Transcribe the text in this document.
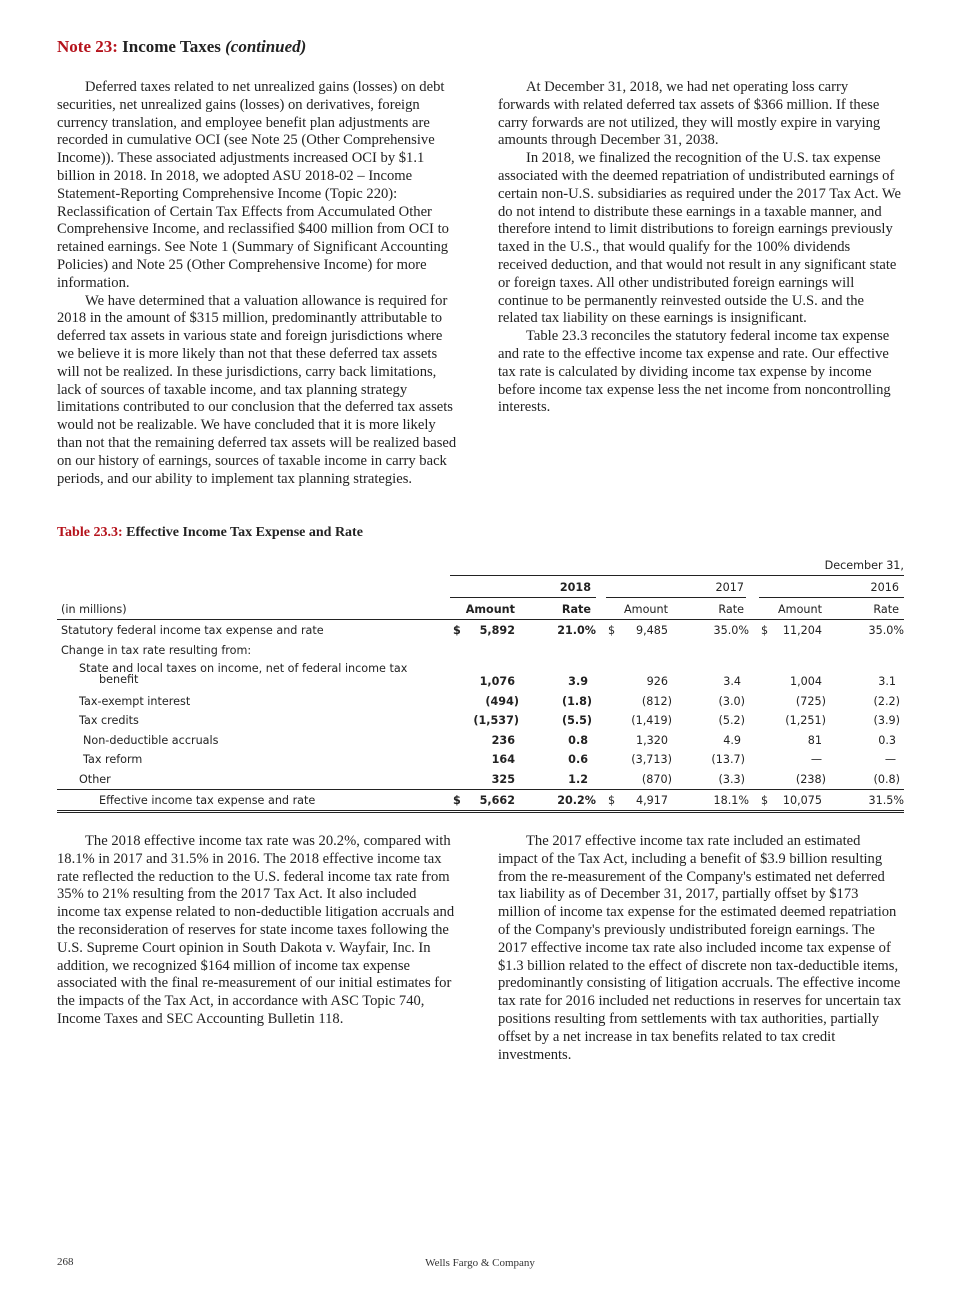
Note 23: Income Taxes (continued)

Deferred taxes related to net unrealized gains (losses) on debt securities, net unrealized gains (losses) on derivatives, foreign currency translation, and employee benefit plan adjustments are recorded in cumulative OCI (see Note 25 (Other Comprehensive Income)). These associated adjustments increased OCI by $1.1 billion in 2018. In 2018, we adopted ASU 2018-02 – Income Statement-Reporting Comprehensive Income (Topic 220): Reclassification of Certain Tax Effects from Accumulated Other Comprehensive Income, and reclassified $400 million from OCI to retained earnings. See Note 1 (Summary of Significant Accounting Policies) and Note 25 (Other Comprehensive Income) for more information.

We have determined that a valuation allowance is required for 2018 in the amount of $315 million, predominantly attributable to deferred tax assets in various state and foreign jurisdictions where we believe it is more likely than not that these deferred tax assets will not be realized. In these jurisdictions, carry back limitations, lack of sources of taxable income, and tax planning strategy limitations contributed to our conclusion that the deferred tax assets would not be realizable. We have concluded that it is more likely than not that the remaining deferred tax assets will be realized based on our history of earnings, sources of taxable income in carry back periods, and our ability to implement tax planning strategies.

At December 31, 2018, we had net operating loss carry forwards with related deferred tax assets of $366 million. If these carry forwards are not utilized, they will mostly expire in varying amounts through December 31, 2038.

In 2018, we finalized the recognition of the U.S. tax expense associated with the deemed repatriation of undistributed earnings of certain non-U.S. subsidiaries as required under the 2017 Tax Act. We do not intend to distribute these earnings in a taxable manner, and therefore intend to limit distributions to foreign earnings previously taxed in the U.S., that would qualify for the 100% dividends received deduction, and that would not result in any significant state or foreign taxes. All other undistributed foreign earnings will continue to be permanently reinvested outside the U.S. and the related tax liability on these earnings is insignificant.

Table 23.3 reconciles the statutory federal income tax expense and rate to the effective income tax expense and rate. Our effective tax rate is calculated by dividing income tax expense by income before income tax expense less the net income from noncontrolling interests.

Table 23.3: Effective Income Tax Expense and Rate
December 31,
2018	2017	2016
(in millions)	Amount	Rate	Amount	Rate	Amount	Rate
Statutory federal income tax expense and rate	$ 5,892	21.0% $ 9,485	35.0% $ 11,204	35.0%
Change in tax rate resulting from:
State and local taxes on income, net of federal income tax
benefit	1,076	3.9	926	3.4	1,004	3.1
Tax-exempt interest	(494)	(1.8)	(812)	(3.0)	(725)	(2.2)
Tax credits	(1,537)	(5.5)	(1,419)	(5.2)	(1,251)	(3.9)
Non-deductible accruals	236	0.8	1,320	4.9	81	0.3
Tax reform	164	0.6	(3,713)	(13.7)	—	—
Other	325	1.2	(870)	(3.3)	(238)	(0.8)
Effective income tax expense and rate	$ 5,662	20.2% $ 4,917	18.1% $ 10,075	31.5%

The 2018 effective income tax rate was 20.2%, compared with 18.1% in 2017 and 31.5% in 2016. The 2018 effective income tax rate reflected the reduction to the U.S. federal income tax rate from 35% to 21% resulting from the 2017 Tax Act. It also included income tax expense related to non-deductible litigation accruals and the reconsideration of reserves for state income taxes following the U.S. Supreme Court opinion in South Dakota v. Wayfair, Inc. In addition, we recognized $164 million of income tax expense associated with the final re-measurement of our initial estimates for the impacts of the Tax Act, in accordance with ASC Topic 740, Income Taxes and SEC Accounting Bulletin 118.

The 2017 effective income tax rate included an estimated impact of the Tax Act, including a benefit of $3.9 billion resulting from the re-measurement of the Company's estimated net deferred tax liability as of December 31, 2017, partially offset by $173 million of income tax expense for the estimated deemed repatriation of the Company's previously undistributed foreign earnings. The 2017 effective income tax rate also included income tax expense of $1.3 billion related to the effect of discrete non tax-deductible items, predominantly consisting of litigation accruals. The effective income tax rate for 2016 included net reductions in reserves for uncertain tax positions resulting from settlements with tax authorities, partially offset by a net increase in tax benefits related to tax credit investments.

268	Wells Fargo & Company
